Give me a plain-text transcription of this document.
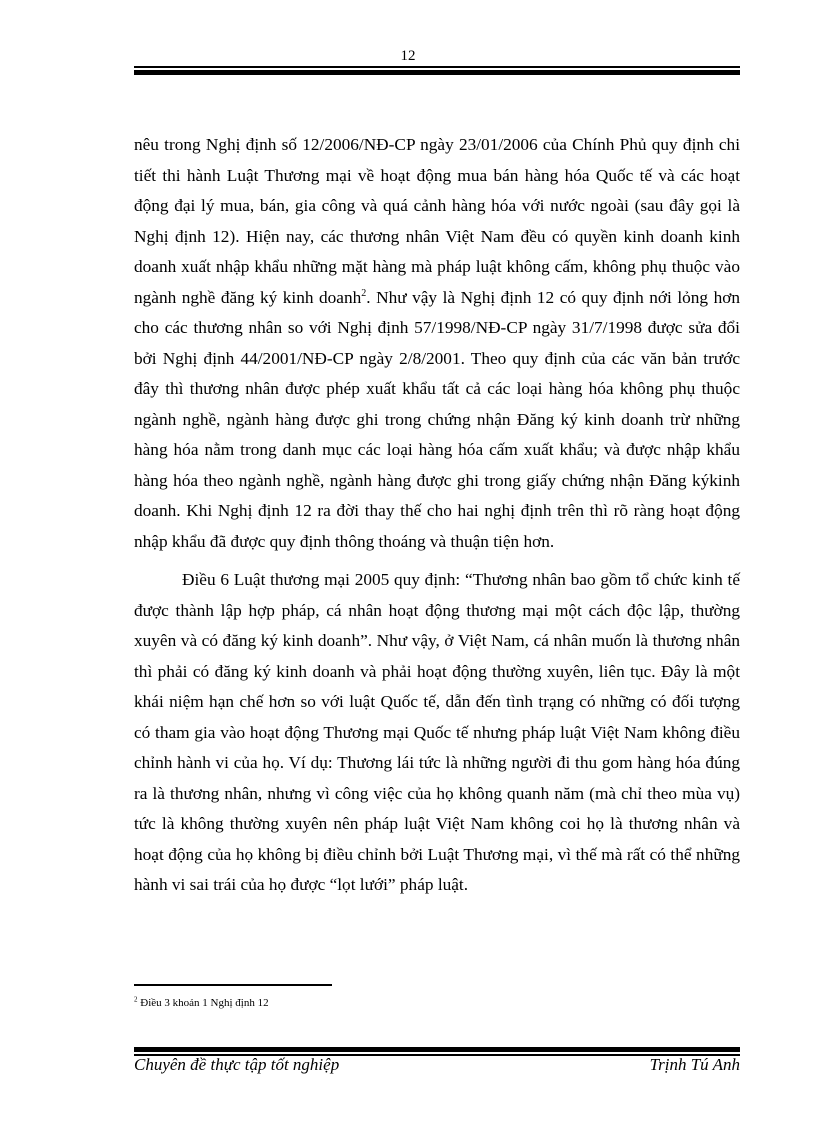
12

nêu trong Nghị định số 12/2006/NĐ-CP ngày 23/01/2006 của Chính Phủ quy định chi tiết thi hành Luật Thương mại về hoạt động mua bán hàng hóa Quốc tế và các hoạt động đại lý mua, bán, gia công và quá cảnh hàng hóa với nước ngoài (sau đây gọi là Nghị định 12). Hiện nay, các thương nhân Việt Nam đều có quyền kinh doanh kinh doanh xuất nhập khẩu những mặt hàng mà pháp luật không cấm, không phụ thuộc vào ngành nghề đăng ký kinh doanh$^2$. Như vậy là Nghị định 12 có quy định nới lỏng hơn cho các thương nhân so với Nghị định 57/1998/NĐ-CP ngày 31/7/1998 được sửa đổi bởi Nghị định 44/2001/NĐ-CP ngày 2/8/2001. Theo quy định của các văn bản trước đây thì thương nhân được phép xuất khẩu tất cả các loại hàng hóa không phụ thuộc ngành nghề, ngành hàng được ghi trong chứng nhận Đăng ký kinh doanh trừ những hàng hóa nằm trong danh mục các loại hàng hóa cấm xuất khẩu; và được nhập khẩu hàng hóa theo ngành nghề, ngành hàng được ghi trong giấy chứng nhận Đăng kýkinh doanh. Khi Nghị định 12 ra đời thay thế cho hai nghị định trên thì rõ ràng hoạt động nhập khẩu đã được quy định thông thoáng và thuận tiện hơn.

Điều 6 Luật thương mại 2005 quy định: “Thương nhân bao gồm tổ chức kinh tế được thành lập hợp pháp, cá nhân hoạt động thương mại một cách độc lập, thường xuyên và có đăng ký kinh doanh”. Như vậy, ở Việt Nam, cá nhân muốn là thương nhân thì phải có đăng ký kinh doanh và phải hoạt động thường xuyên, liên tục. Đây là một khái niệm hạn chế hơn so với luật Quốc tế, dẫn đến tình trạng có những có đối tượng có tham gia vào hoạt động Thương mại Quốc tế nhưng pháp luật Việt Nam không điều chỉnh hành vi của họ. Ví dụ: Thương lái tức là những người đi thu gom hàng hóa đúng ra là thương nhân, nhưng vì công việc của họ không quanh năm (mà chỉ theo mùa vụ) tức là không thường xuyên nên pháp luật Việt Nam không coi họ là thương nhân và hoạt động của họ không bị điều chỉnh bởi Luật Thương mại, vì thế mà rất có thể những hành vi sai trái của họ được “lọt lưới” pháp luật.

$^2$ Điều 3 khoản 1 Nghị định 12
Chuyên đề thực tập tốt nghiệp	Trịnh Tú Anh
